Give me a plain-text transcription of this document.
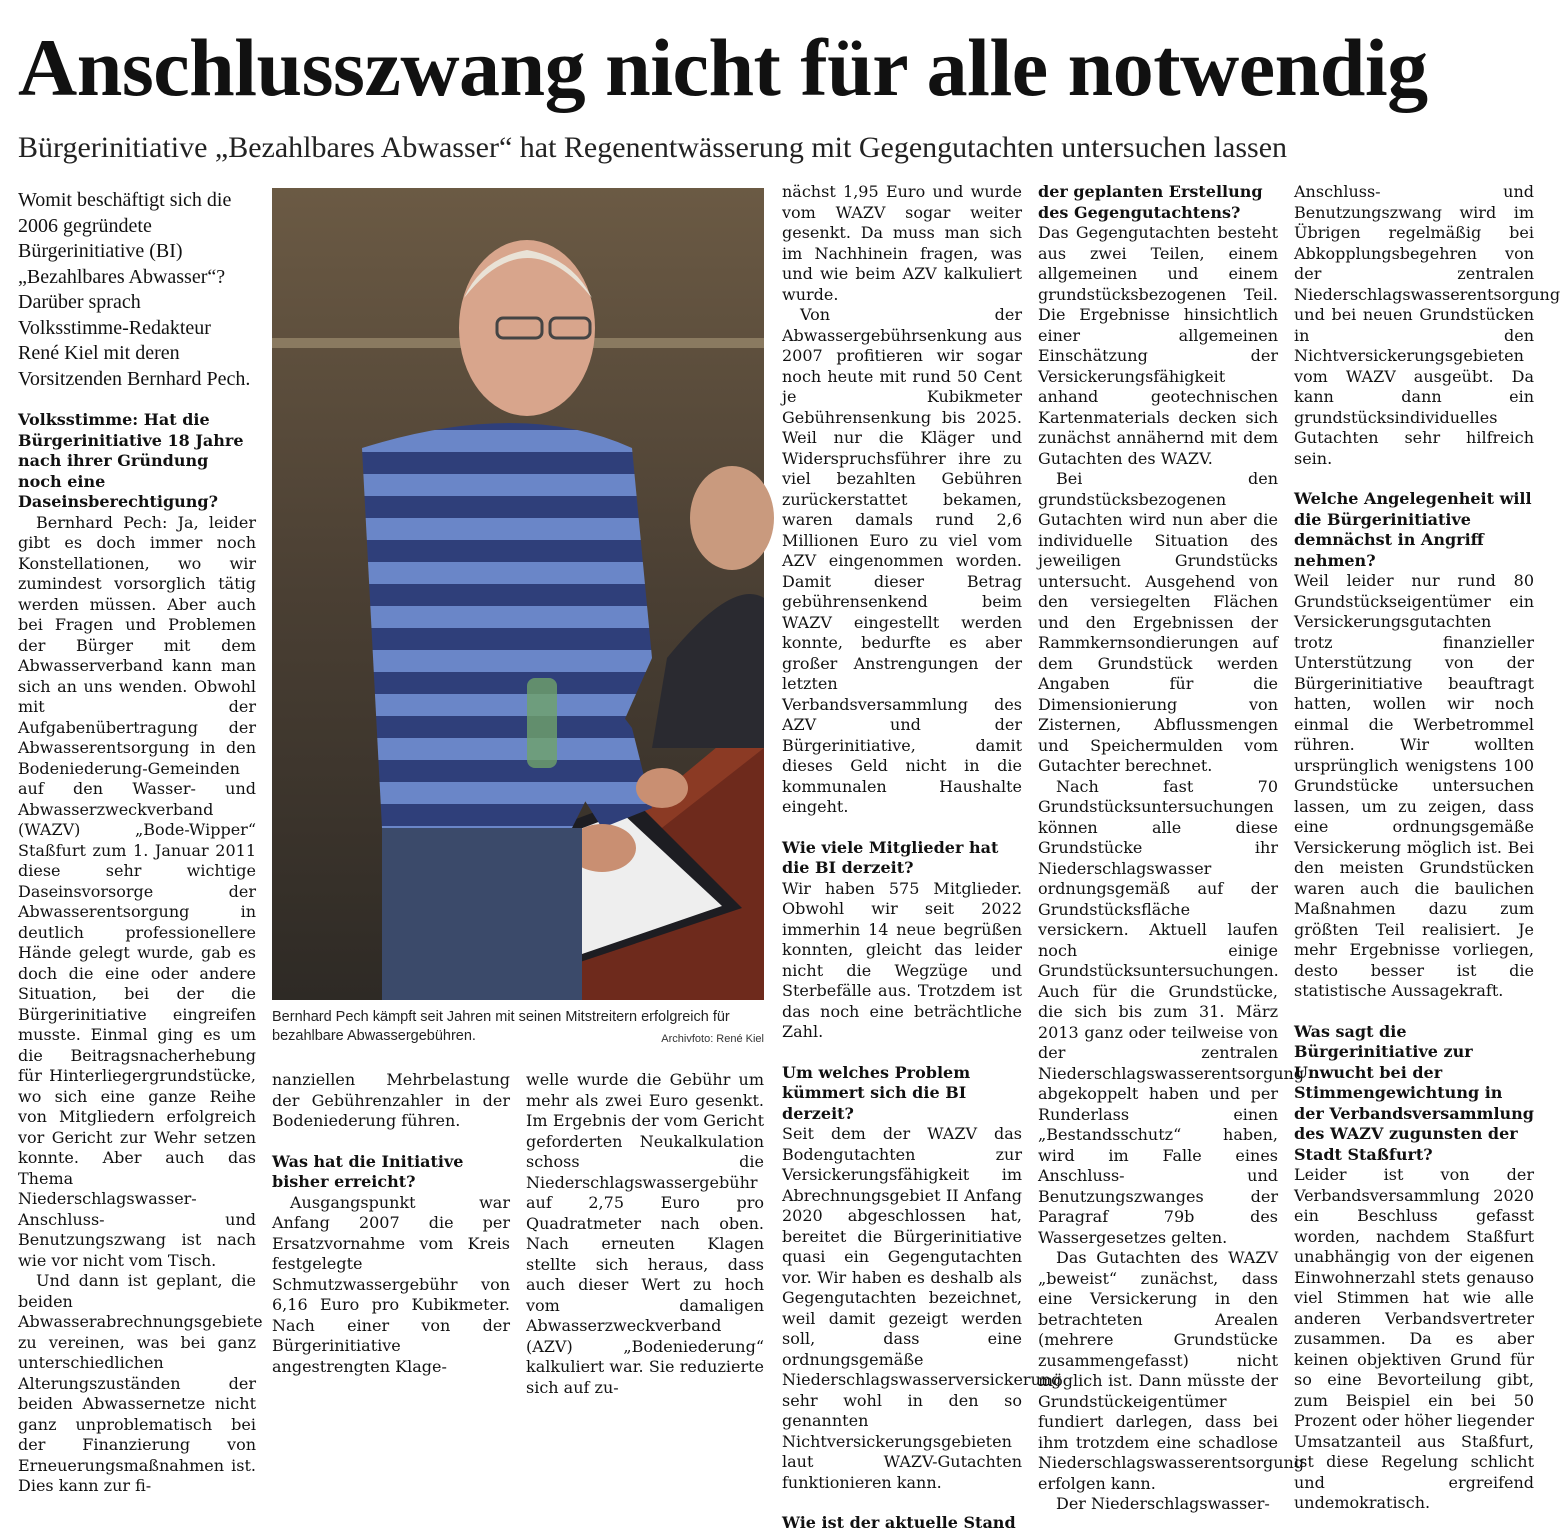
Anschlusszwang nicht für alle notwendig
Bürgerinitiative „Bezahlbares Abwasser“ hat Regenentwässerung mit Gegengutachten untersuchen lassen
Womit beschäftigt sich die 2006 gegründete Bürgerinitiative (BI) „Bezahlbares Abwasser“? Darüber sprach Volksstimme-Redakteur René Kiel mit deren Vorsitzenden Bernhard Pech.
Volksstimme: Hat die Bürgerinitiative 18 Jahre nach ihrer Gründung noch eine Daseinsberechtigung?

Bernhard Pech: Ja, leider gibt es doch immer noch Konstellationen, wo wir zumindest vorsorglich tätig werden müssen. Aber auch bei Fragen und Problemen der Bürger mit dem Abwasserverband kann man sich an uns wenden. Obwohl mit der Aufgabenübertragung der Abwasserentsorgung in den Bodeniederung-Gemeinden auf den Wasser- und Abwasserzweckverband (WAZV) „Bode-Wipper“ Staßfurt zum 1. Januar 2011 diese sehr wichtige Daseinsvorsorge der Abwasserentsorgung in deutlich professionellere Hände gelegt wurde, gab es doch die eine oder andere Situation, bei der die Bürgerinitiative eingreifen musste. Einmal ging es um die Beitragsnacherhebung für Hinterliegergrundstücke, wo sich eine ganze Reihe von Mitgliedern erfolgreich vor Gericht zur Wehr setzen konnte. Aber auch das Thema Niederschlagswasser-Anschluss- und Benutzungszwang ist nach wie vor nicht vom Tisch.

Und dann ist geplant, die beiden Abwasserabrechnungsgebiete zu vereinen, was bei ganz unterschiedlichen Alterungszuständen der beiden Abwassernetze nicht ganz unproblematisch bei der Finanzierung von Erneuerungsmaßnahmen ist. Dies kann zur fi-

Bernhard Pech kämpft seit Jahren mit seinen Mitstreitern erfolgreich für bezahlbare Abwassergebühren.	Archivfoto: René Kiel

nanziellen Mehrbelastung der Gebührenzahler in der Bodeniederung führen.

Was hat die Initiative bisher erreicht?

Ausgangspunkt war Anfang 2007 die per Ersatzvornahme vom Kreis festgelegte Schmutzwassergebühr von 6,16 Euro pro Kubikmeter. Nach einer von der Bürgerinitiative angestrengten Klage-

welle wurde die Gebühr um mehr als zwei Euro gesenkt. Im Ergebnis der vom Gericht geforderten Neukalkulation schoss die Niederschlagswassergebühr auf 2,75 Euro pro Quadratmeter nach oben. Nach erneuten Klagen stellte sich heraus, dass auch dieser Wert zu hoch vom damaligen Abwasserzweckverband (AZV) „Bodeniederung“ kalkuliert war. Sie reduzierte sich auf zu-

nächst 1,95 Euro und wurde vom WAZV sogar weiter gesenkt. Da muss man sich im Nachhinein fragen, was und wie beim AZV kalkuliert wurde.

Von der Abwassergebührsenkung aus 2007 profitieren wir sogar noch heute mit rund 50 Cent je Kubikmeter Gebührensenkung bis 2025. Weil nur die Kläger und Widerspruchsführer ihre zu viel bezahlten Gebühren zurückerstattet bekamen, waren damals rund 2,6 Millionen Euro zu viel vom AZV eingenommen worden. Damit dieser Betrag gebührensenkend beim WAZV eingestellt werden konnte, bedurfte es aber großer Anstrengungen der letzten Verbandsversammlung des AZV und der Bürgerinitiative, damit dieses Geld nicht in die kommunalen Haushalte eingeht.

Wie viele Mitglieder hat die BI derzeit?

Wir haben 575 Mitglieder. Obwohl wir seit 2022 immerhin 14 neue begrüßen konnten, gleicht das leider nicht die Wegzüge und Sterbefälle aus. Trotzdem ist das noch eine beträchtliche Zahl.

Um welches Problem kümmert sich die BI derzeit?

Seit dem der WAZV das Bodengutachten zur Versickerungsfähigkeit im Abrechnungsgebiet II Anfang 2020 abgeschlossen hat, bereitet die Bürgerinitiative quasi ein Gegengutachten vor. Wir haben es deshalb als Gegengutachten bezeichnet, weil damit gezeigt werden soll, dass eine ordnungsgemäße Niederschlagswasserversickerung sehr wohl in den so genannten Nichtversickerungsgebieten laut WAZV-Gutachten funktionieren kann.

Wie ist der aktuelle Stand
der geplanten Erstellung des Gegengutachtens?

Das Gegengutachten besteht aus zwei Teilen, einem allgemeinen und einem grundstücksbezogenen Teil. Die Ergebnisse hinsichtlich einer allgemeinen Einschätzung der Versickerungsfähigkeit anhand geotechnischen Kartenmaterials decken sich zunächst annähernd mit dem Gutachten des WAZV.

Bei den grundstücksbezogenen Gutachten wird nun aber die individuelle Situation des jeweiligen Grundstücks untersucht. Ausgehend von den versiegelten Flächen und den Ergebnissen der Rammkernsondierungen auf dem Grundstück werden Angaben für die Dimensionierung von Zisternen, Abflussmengen und Speichermulden vom Gutachter berechnet.

Nach fast 70 Grundstücksuntersuchungen können alle diese Grundstücke ihr Niederschlagswasser ordnungsgemäß auf der Grundstücksfläche versickern. Aktuell laufen noch einige Grundstücksuntersuchungen. Auch für die Grundstücke, die sich bis zum 31. März 2013 ganz oder teilweise von der zentralen Niederschlagswasserentsorgung abgekoppelt haben und per Runderlass einen „Bestandsschutz“ haben, wird im Falle eines Anschluss- und Benutzungszwanges der Paragraf 79b des Wassergesetzes gelten.

Das Gutachten des WAZV „beweist“ zunächst, dass eine Versickerung in den betrachteten Arealen (mehrere Grundstücke zusammengefasst) nicht möglich ist. Dann müsste der Grundstückeigentümer fundiert darlegen, dass bei ihm trotzdem eine schadlose Niederschlagswasserentsorgung erfolgen kann.

Der Niederschlagswasser-

Anschluss- und Benutzungszwang wird im Übrigen regelmäßig bei Abkopplungsbegehren von der zentralen Niederschlagswasserentsorgung und bei neuen Grundstücken in den Nichtversickerungsgebieten vom WAZV ausgeübt. Da kann dann ein grundstücksindividuelles Gutachten sehr hilfreich sein.

Welche Angelegenheit will die Bürgerinitiative demnächst in Angriff nehmen?

Weil leider nur rund 80 Grundstückseigentümer ein Versickerungsgutachten trotz finanzieller Unterstützung von der Bürgerinitiative beauftragt hatten, wollen wir noch einmal die Werbetrommel rühren. Wir wollten ursprünglich wenigstens 100 Grundstücke untersuchen lassen, um zu zeigen, dass eine ordnungsgemäße Versickerung möglich ist. Bei den meisten Grundstücken waren auch die baulichen Maßnahmen dazu zum größten Teil realisiert. Je mehr Ergebnisse vorliegen, desto besser ist die statistische Aussagekraft.

Was sagt die Bürgerinitiative zur Unwucht bei der Stimmengewichtung in der Verbandsversammlung des WAZV zugunsten der Stadt Staßfurt?

Leider ist von der Verbandsversammlung 2020 ein Beschluss gefasst worden, nachdem Staßfurt unabhängig von der eigenen Einwohnerzahl stets genauso viel Stimmen hat wie alle anderen Verbandsvertreter zusammen. Da es aber keinen objektiven Grund für so eine Bevorteilung gibt, zum Beispiel ein bei 50 Prozent oder höher liegender Umsatzanteil aus Staßfurt, ist diese Regelung schlicht und ergreifend undemokratisch.
